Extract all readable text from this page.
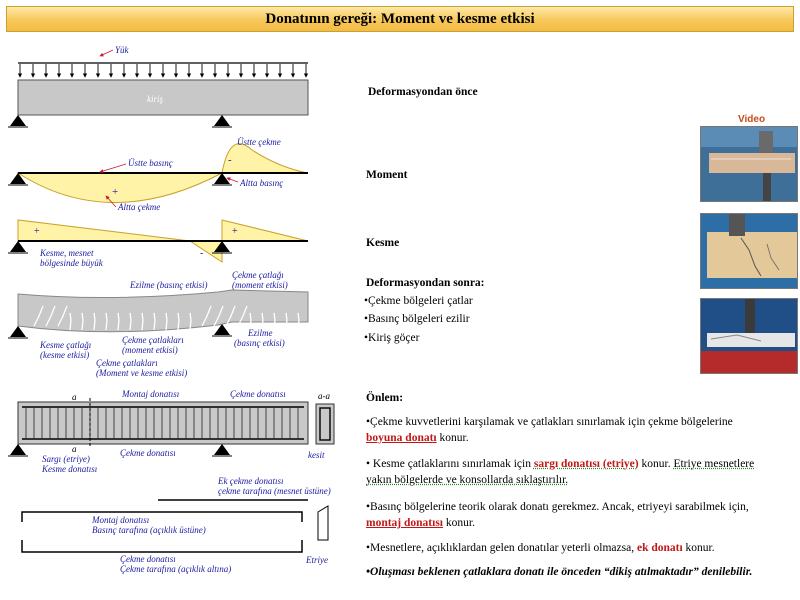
Donatının gereği: Moment ve kesme etkisi
kiriş
Yük
+
-
Üstte çekme
Üstte basınç
Altta basınç
Altta çekme
+	+
-
Kesme, mesnet
bölgesinde büyük
Ezilme (basınç etkisi)
Çekme çatlağı
(moment etkisi)
Kesme çatlağı
(kesme etkisi)
Çekme çatlakları
(moment etkisi)
Çekme çatlakları
(Moment ve kesme etkisi)
Ezilme
(basınç etkisi)
a
a
Montaj donatısı	Çekme donatısı
Sargı (etriye)
Kesme donatısı
Çekme donatısı
a-a
kesit
Ek çekme donatısı
çekme tarafına (mesnet üstüne)
Montaj donatısı
Basınç tarafına (açıklık üstüne)
Çekme donatısı
Çekme tarafına (açıklık altına)
Etriye
Deformasyondan önce
Moment
Kesme
Deformasyondan sonra:
•Çekme bölgeleri çatlar
•Basınç bölgeleri ezilir
•Kiriş göçer
Video
Önlem:
•Çekme kuvvetlerini karşılamak ve çatlakları sınırlamak için çekme bölgelerine
boyuna donatı konur.
• Kesme çatlaklarını sınırlamak için sargı donatısı (etriye) konur. Etriye mesnetlere
yakın bölgelerde ve konsollarda sıklaştırılır.
•Basınç bölgelerine teorik olarak donatı gerekmez. Ancak, etriyeyi sarabilmek için,
montaj donatısı konur.
•Mesnetlere, açıklıklardan gelen donatılar yeterli olmazsa, ek donatı konur.
•Oluşması beklenen çatlaklara donatı ile önceden “dikiş atılmaktadır” denilebilir.
